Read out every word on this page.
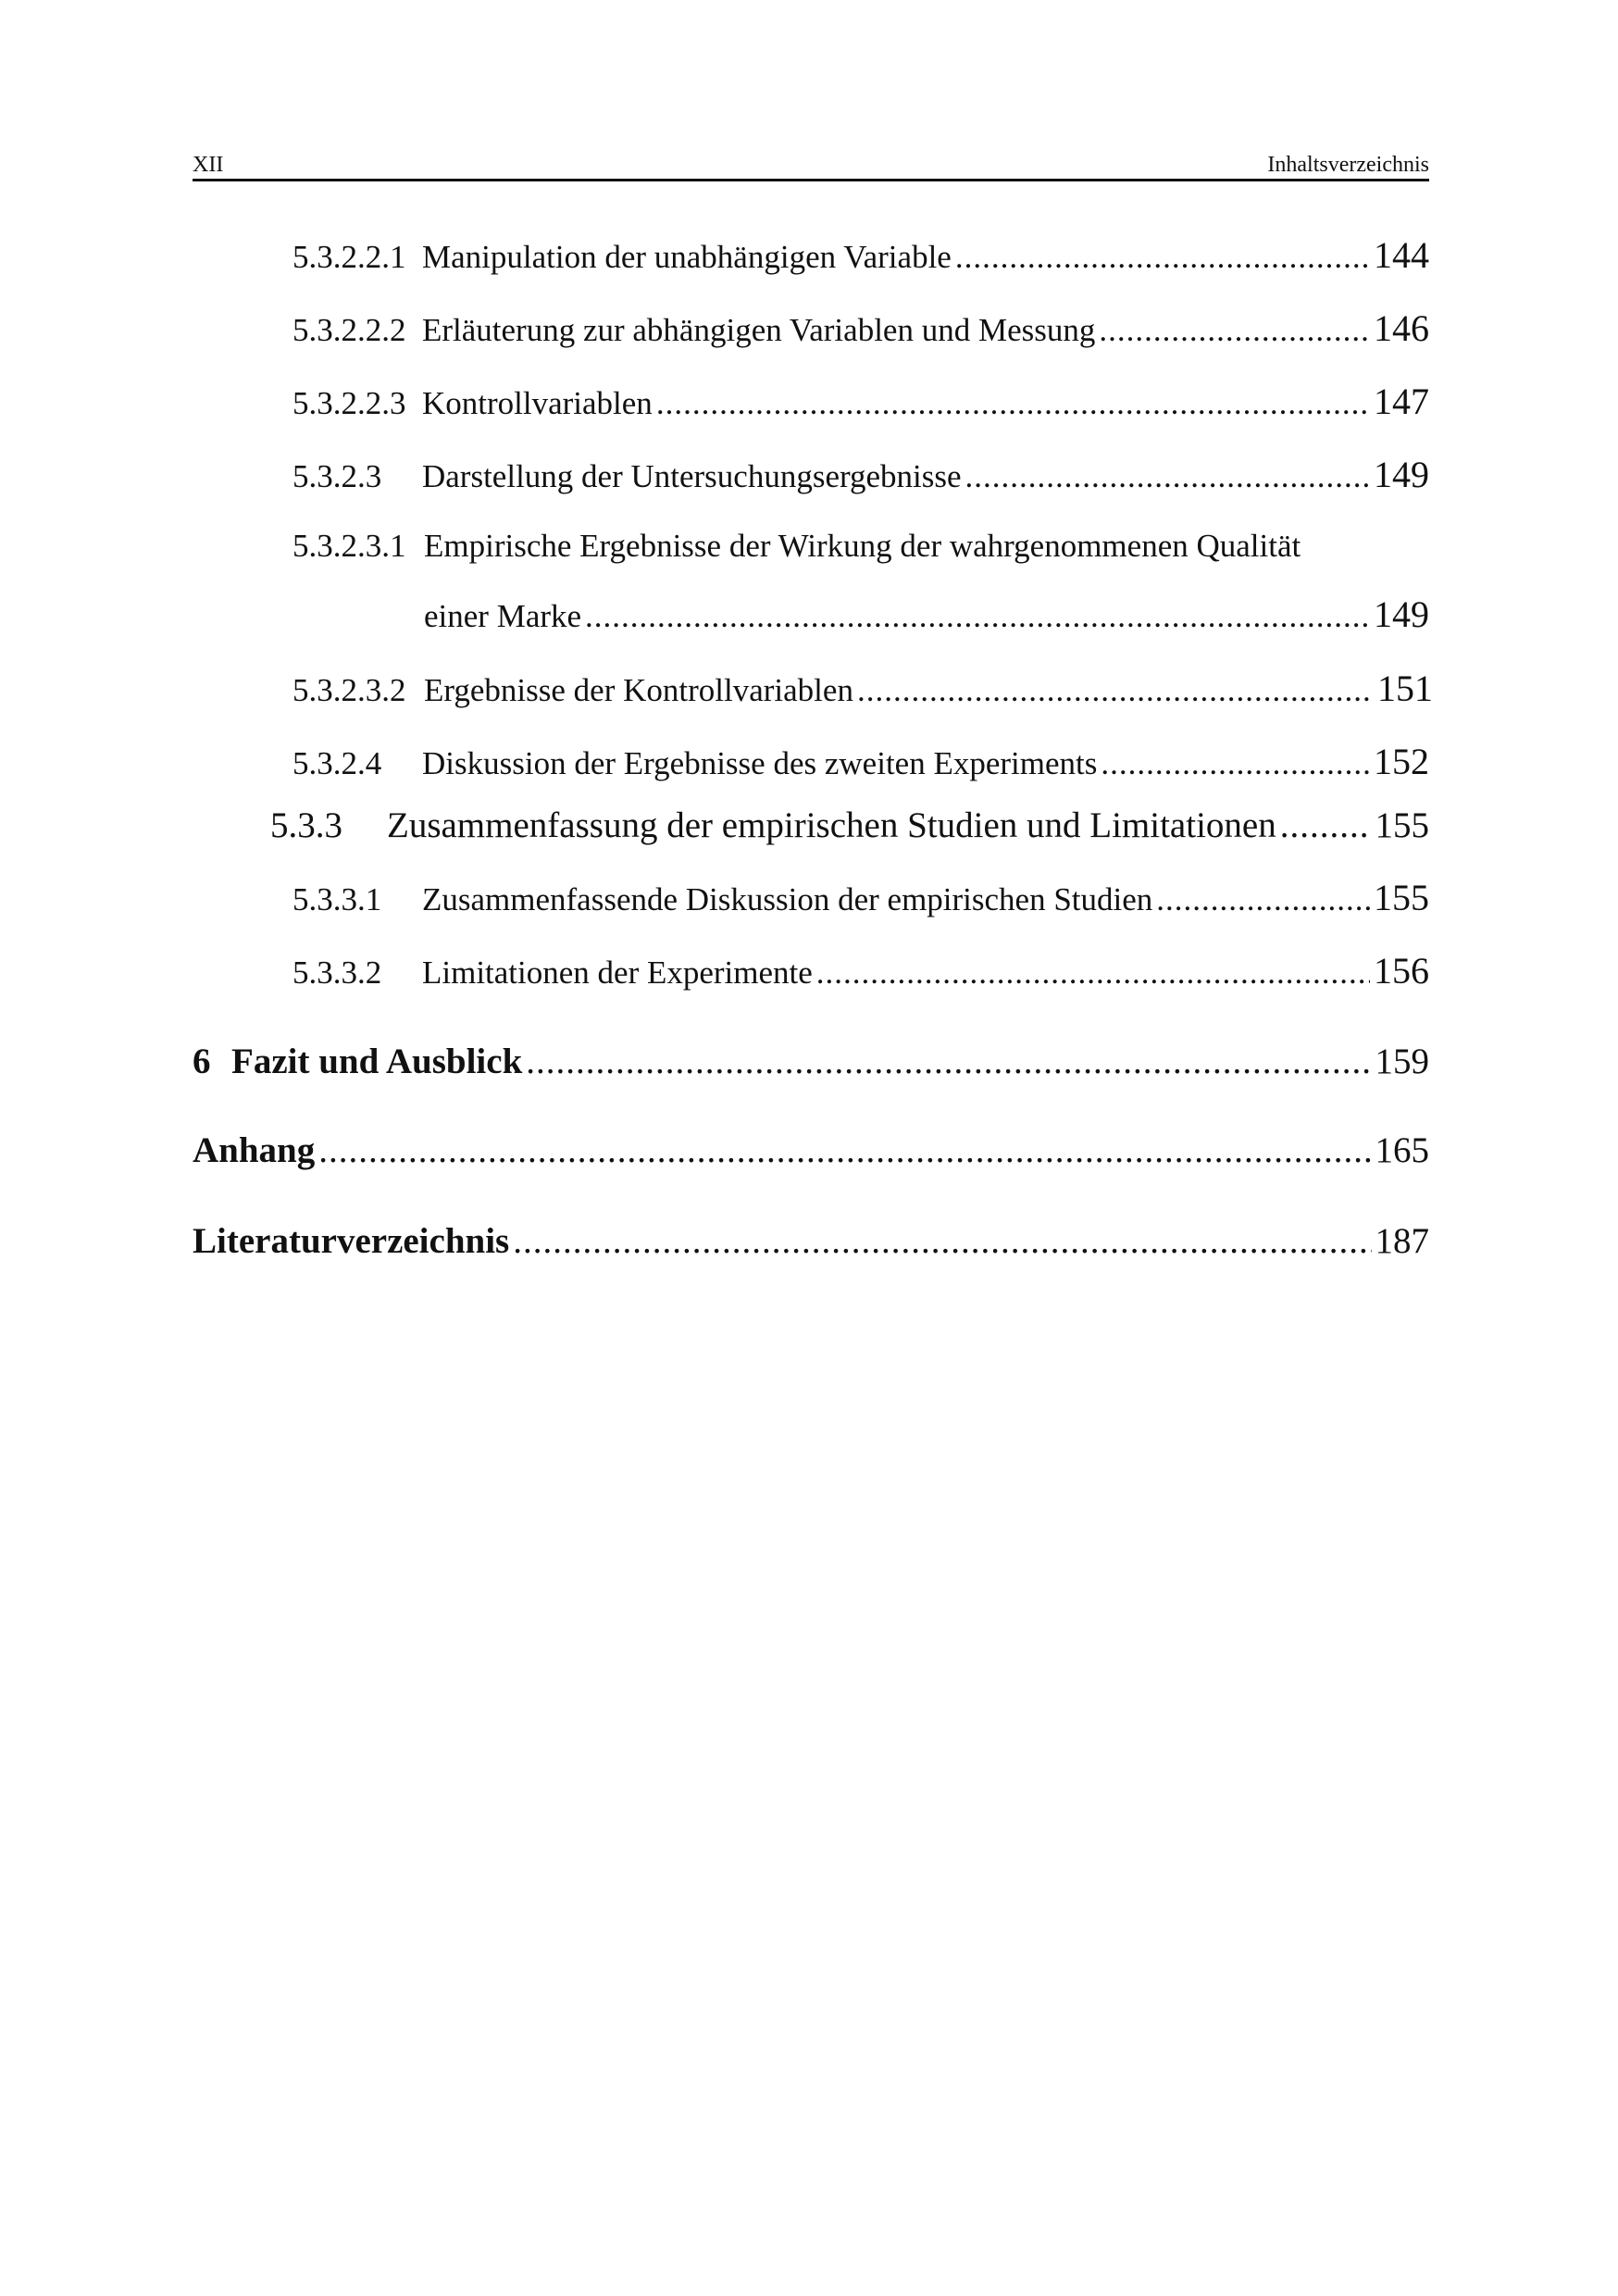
XII	Inhaltsverzeichnis
5.3.2.2.1 Manipulation der unabhängigen Variable .....	144
5.3.2.2.2 Erläuterung zur abhängigen Variablen und Messung .....	146
5.3.2.2.3 Kontrollvariablen .....	147
5.3.2.3	Darstellung der Untersuchungsergebnisse .....	149
5.3.2.3.1 Empirische Ergebnisse der Wirkung der wahrgenommenen Qualität
einer Marke .....	149
5.3.2.3.2 Ergebnisse der Kontrollvariablen .....	151
5.3.2.4	Diskussion der Ergebnisse des zweiten Experiments .....	152
5.3.3	Zusammenfassung der empirischen Studien und Limitationen .....	155
5.3.3.1	Zusammenfassende Diskussion der empirischen Studien .....	155
5.3.3.2	Limitationen der Experimente .....	156
6 Fazit und Ausblick .....	159
Anhang .....	165
Literaturverzeichnis .....	187
